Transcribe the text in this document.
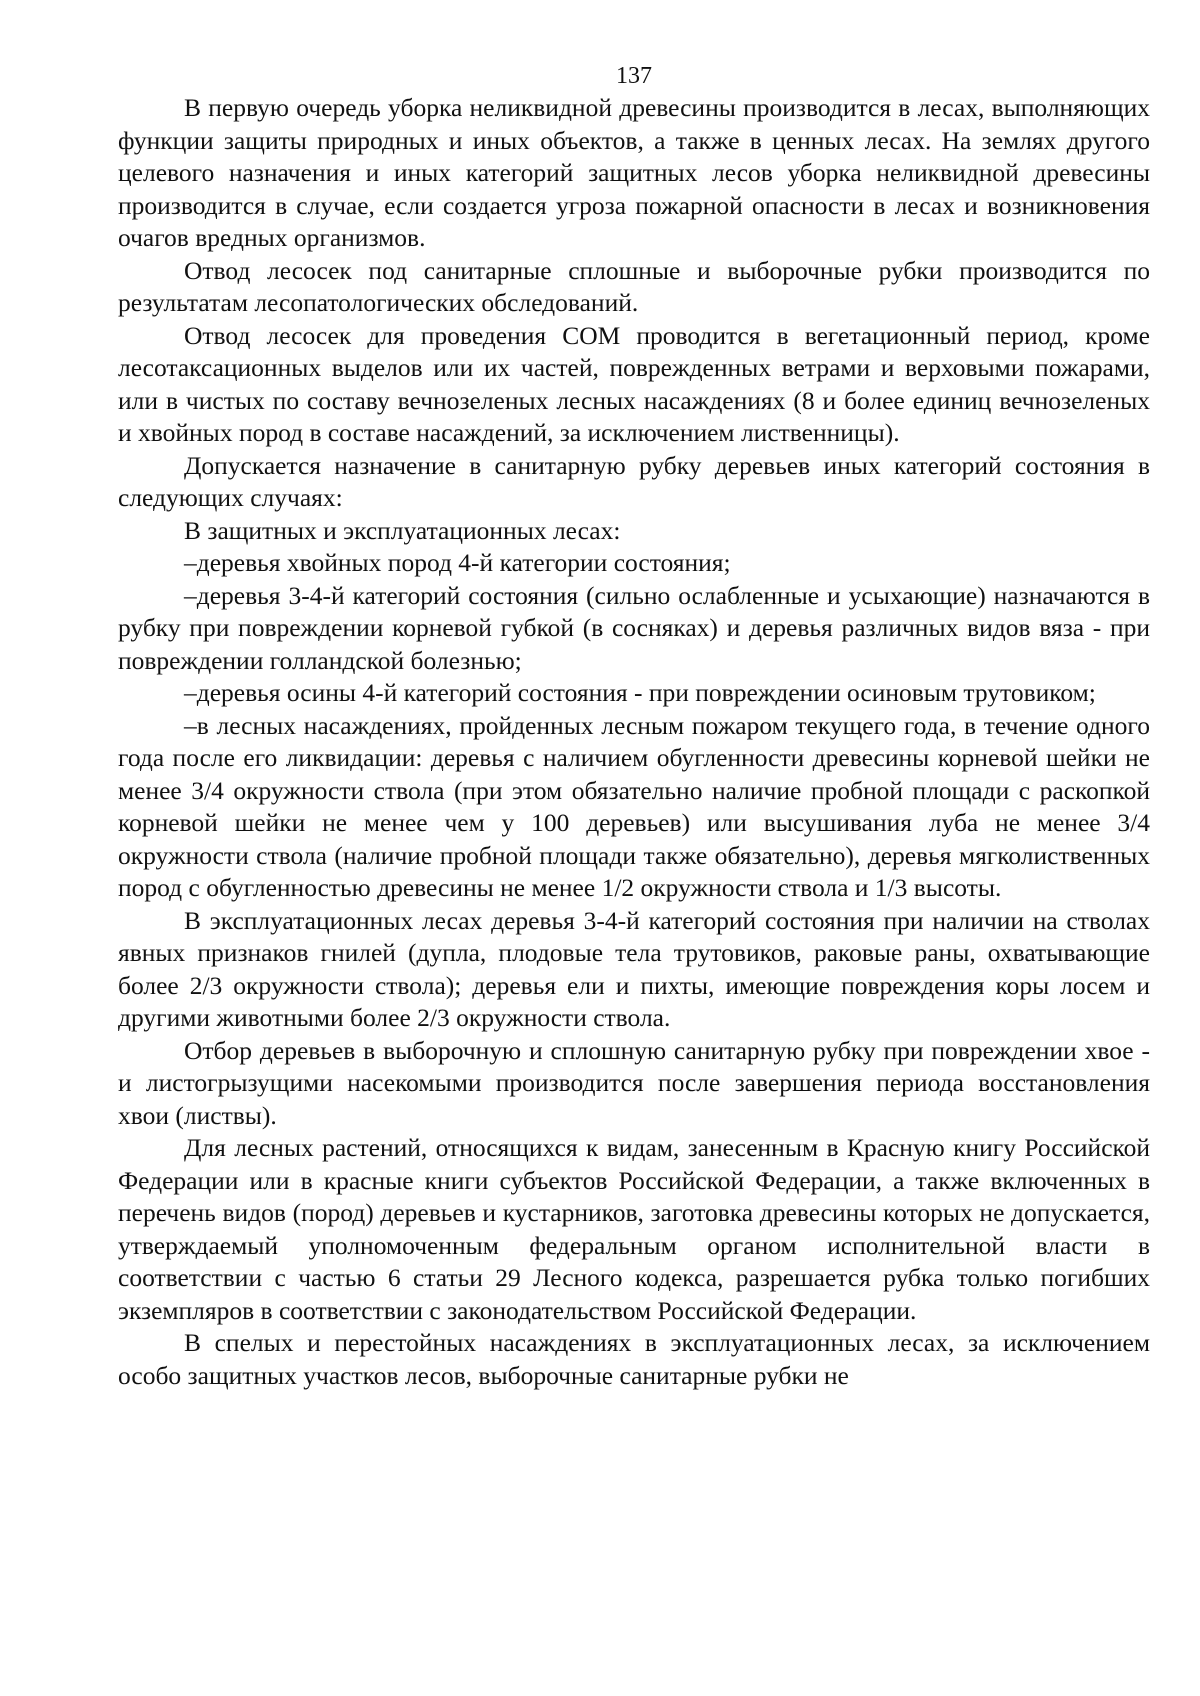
137

В первую очередь уборка неликвидной древесины производится в лесах, выполняющих функции защиты природных и иных объектов, а также в ценных лесах. На землях другого целевого назначения и иных категорий защитных лесов уборка неликвидной древесины производится в случае, если создается угроза пожарной опасности в лесах и возникновения очагов вредных организмов.

Отвод лесосек под санитарные сплошные и выборочные рубки производится по результатам лесопатологических обследований.

Отвод лесосек для проведения СОМ проводится в вегетационный период, кроме лесотаксационных выделов или их частей, поврежденных ветрами и верховыми пожарами, или в чистых по составу вечнозеленых лесных насаждениях (8 и более единиц вечнозеленых и хвойных пород в составе насаждений, за исключением лиственницы).

Допускается назначение в санитарную рубку деревьев иных категорий состояния в следующих случаях:

В защитных и эксплуатационных лесах:

–деревья хвойных пород 4-й категории состояния;

–деревья 3-4-й категорий состояния (сильно ослабленные и усыхающие) назначаются в рубку при повреждении корневой губкой (в сосняках) и деревья различных видов вяза - при повреждении голландской болезнью;

–деревья осины 4-й категорий состояния - при повреждении осиновым трутовиком;

–в лесных насаждениях, пройденных лесным пожаром текущего года, в течение одного года после его ликвидации: деревья с наличием обугленности древесины корневой шейки не менее 3/4 окружности ствола (при этом обязательно наличие пробной площади с раскопкой корневой шейки не менее чем у 100 деревьев) или высушивания луба не менее 3/4 окружности ствола (наличие пробной площади также обязательно), деревья мягколиственных пород с обугленностью древесины не менее 1/2 окружности ствола и 1/3 высоты.

В эксплуатационных лесах деревья 3-4-й категорий состояния при наличии на стволах явных признаков гнилей (дупла, плодовые тела трутовиков, раковые раны, охватывающие более 2/3 окружности ствола); деревья ели и пихты, имеющие повреждения коры лосем и другими животными более 2/3 окружности ствола.

Отбор деревьев в выборочную и сплошную санитарную рубку при повреждении хвое - и листогрызущими насекомыми производится после завершения периода восстановления хвои (листвы).

Для лесных растений, относящихся к видам, занесенным в Красную книгу Российской Федерации или в красные книги субъектов Российской Федерации, а также включенных в перечень видов (пород) деревьев и кустарников, заготовка древесины которых не допускается, утверждаемый уполномоченным федеральным органом исполнительной власти в соответствии с частью 6 статьи 29 Лесного кодекса, разрешается рубка только погибших экземпляров в соответствии с законодательством Российской Федерации.

В спелых и перестойных насаждениях в эксплуатационных лесах, за исключением особо защитных участков лесов, выборочные санитарные рубки не
